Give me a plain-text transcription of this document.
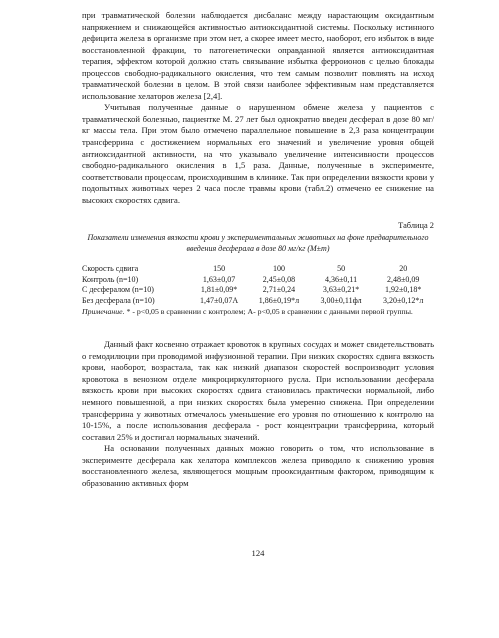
при травматической болезни наблюдается дисбаланс между нарастающим оксидантным напряжением и снижающейся активностью антиоксидантной системы. Поскольку истинного дефицита железа в организме при этом нет, а скорее имеет место, наоборот, его избыток в виде восстановленной фракции, то патогенетически оправданной является антиоксидантная терапия, эффектом которой должно стать связывание избытка ферроионов с целью блокады процессов свободно-радикального окисления, что тем самым позволит повлиять на исход травматической болезни в целом. В этой связи наиболее эффективным нам представляется использование хелаторов железа [2,4].

Учитывая полученные данные о нарушенном обмене железа у пациентов с травматической болезнью, пациентке М. 27 лет был однократно введен десферал в дозе 80 мг/кг массы тела. При этом было отмечено параллельное повышение в 2,3 раза концентрации трансферрина с достижением нормальных его значений и увеличение уровня общей антиоксидантной активности, на что указывало увеличение интенсивности процессов свободно-радикального окисления в 1,5 раза. Данные, полученные в эксперименте, соответствовали процессам, происходившим в клинике. Так при определении вязкости крови у подопытных животных через 2 часа после травмы крови (табл.2) отмечено ее снижение на высоких скоростях сдвига.

Таблица 2
Показатели изменения вязкости крови у экспериментальных животных на фоне предварительного введения десферала в дозе 80 мг/кг (M±m)
Скорость сдвига	150	100	50	20
Контроль (n=10)	1,63±0,07	2,45±0,08	4,36±0,11	2,48±0,09
С десфералом (n=10)	1,81±0,09*	2,71±0,24	3,63±0,21*	1,92±0,18*
Без десферала (n=10)	1,47±0,07А	1,86±0,19*л	3,00±0,11фл	3,20±0,12*л
Примечание. * - р<0,05 в сравнении с контролем; А- р<0,05 в сравнении с данными первой группы.

Данный факт косвенно отражает кровоток в крупных сосудах и может свидетельствовать о гемодилюции при проводимой инфузионной терапии. При низких скоростях сдвига вязкость крови, наоборот, возрастала, так как низкий диапазон скоростей воспроизводит условия кровотока в венозном отделе микроциркуляторного русла. При использовании десферала вязкость крови при высоких скоростях сдвига становилась практически нормальной, либо немного повышенной, а при низких скоростях была умеренно снижена. При определении трансферрина у животных отмечалось уменьшение его уровня по отношению к контролю на 10-15%, а после использования десферала - рост концентрации трансферрина, который составил 25% и достигал нормальных значений.

На основании полученных данных можно говорить о том, что использование в эксперименте десферала как хелатора комплексов железа приводило к снижению уровня восстановленного железа, являющегося мощным прооксидантным фактором, приводящим к образованию активных форм

124
